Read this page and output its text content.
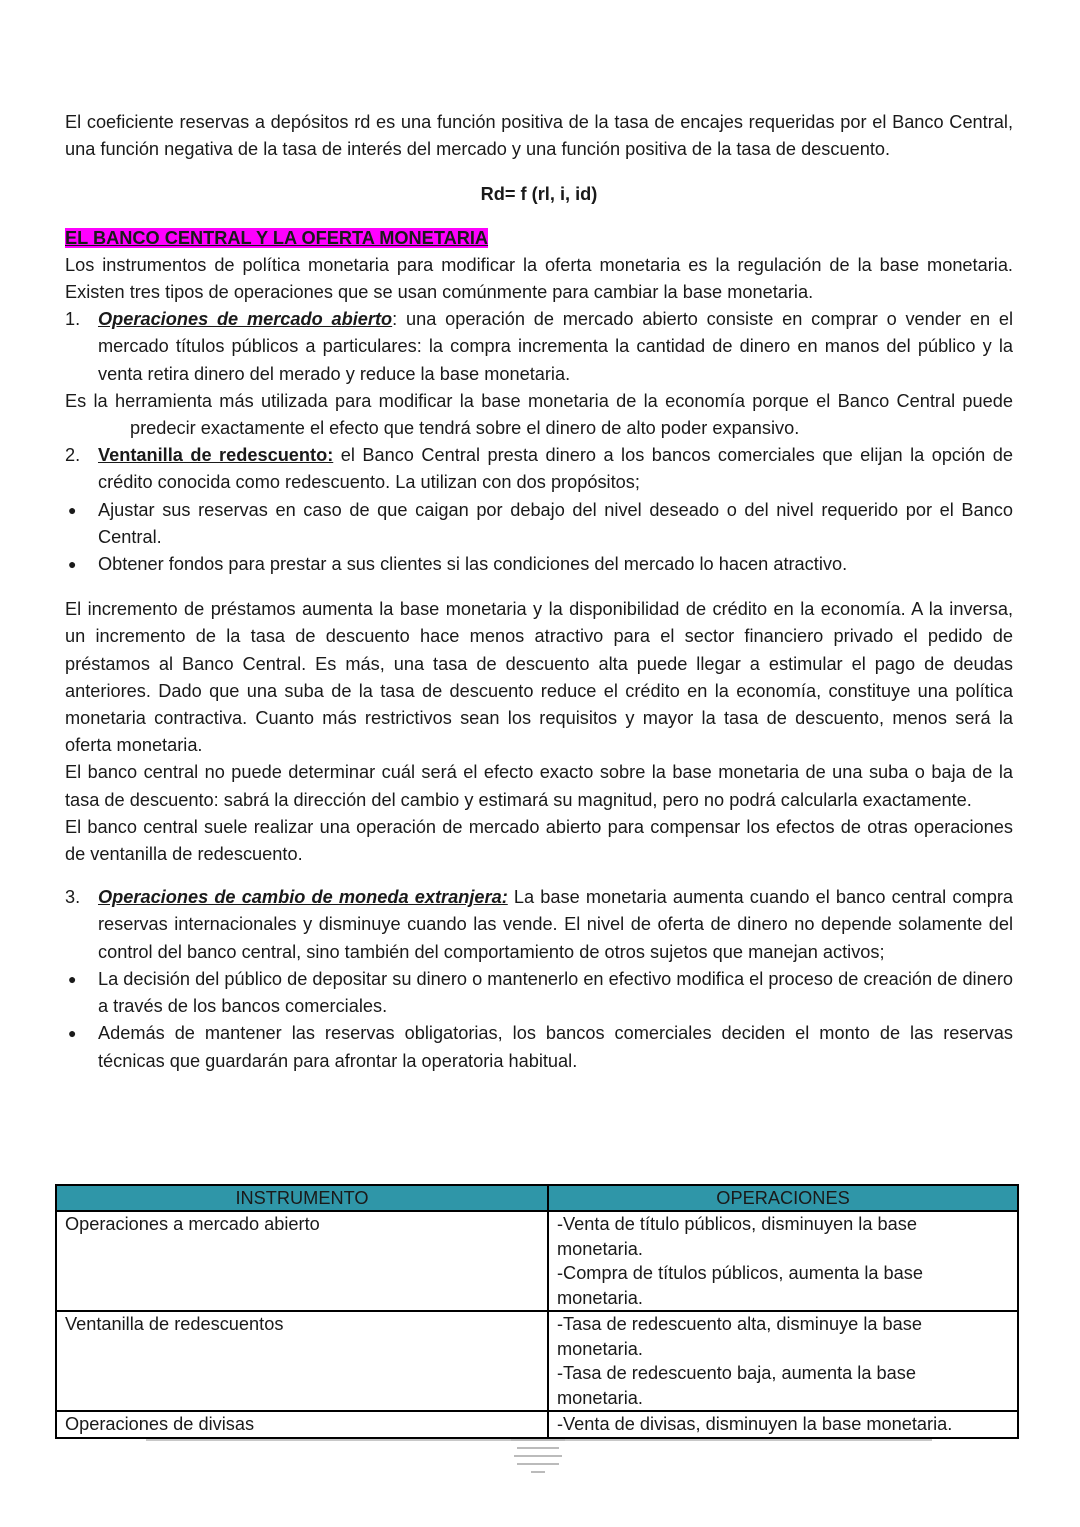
El coeficiente reservas a depósitos rd es una función positiva de la tasa de encajes requeridas por el Banco Central, una función negativa de la tasa de interés del mercado y una función positiva de la tasa de descuento.

Rd= f (rl, i, id)

EL BANCO CENTRAL Y LA OFERTA MONETARIA

Los instrumentos de política monetaria para modificar la oferta monetaria es la regulación de la base monetaria. Existen tres tipos de operaciones que se usan comúnmente para cambiar la base monetaria.

1. Operaciones de mercado abierto: una operación de mercado abierto consiste en comprar o vender en el mercado títulos públicos a particulares: la compra incrementa la cantidad de dinero en manos del público y la venta retira dinero del merado y reduce la base monetaria.

Es la herramienta más utilizada para modificar la base monetaria de la economía porque el Banco Central puede predecir exactamente el efecto que tendrá sobre el dinero de alto poder expansivo.

2. Ventanilla de redescuento: el Banco Central presta dinero a los bancos comerciales que elijan la opción de crédito conocida como redescuento. La utilizan con dos propósitos;
● Ajustar sus reservas en caso de que caigan por debajo del nivel deseado o del nivel requerido por el Banco Central.
● Obtener fondos para prestar a sus clientes si las condiciones del mercado lo hacen atractivo.

El incremento de préstamos aumenta la base monetaria y la disponibilidad de crédito en la economía. A la inversa, un incremento de la tasa de descuento hace menos atractivo para el sector financiero privado el pedido de préstamos al Banco Central. Es más, una tasa de descuento alta puede llegar a estimular el pago de deudas anteriores. Dado que una suba de la tasa de descuento reduce el crédito en la economía, constituye una política monetaria contractiva. Cuanto más restrictivos sean los requisitos y mayor la tasa de descuento, menos será la oferta monetaria.

El banco central no puede determinar cuál será el efecto exacto sobre la base monetaria de una suba o baja de la tasa de descuento: sabrá la dirección del cambio y estimará su magnitud, pero no podrá calcularla exactamente.

El banco central suele realizar una operación de mercado abierto para compensar los efectos de otras operaciones de ventanilla de redescuento.

3. Operaciones de cambio de moneda extranjera: La base monetaria aumenta cuando el banco central compra reservas internacionales y disminuye cuando las vende. El nivel de oferta de dinero no depende solamente del control del banco central, sino también del comportamiento de otros sujetos que manejan activos;
● La decisión del público de depositar su dinero o mantenerlo en efectivo modifica el proceso de creación de dinero a través de los bancos comerciales.
● Además de mantener las reservas obligatorias, los bancos comerciales deciden el monto de las reservas técnicas que guardarán para afrontar la operatoria habitual.
INSTRUMENTO	OPERACIONES
Operaciones a mercado abierto	-Venta de título públicos, disminuyen la base
monetaria.
-Compra de títulos públicos, aumenta la base
monetaria.

Ventanilla de redescuentos	-Tasa de redescuento alta, disminuye la base
monetaria.
-Tasa de redescuento baja, aumenta la base
monetaria.

Operaciones de divisas	-Venta de divisas, disminuyen la base monetaria.
